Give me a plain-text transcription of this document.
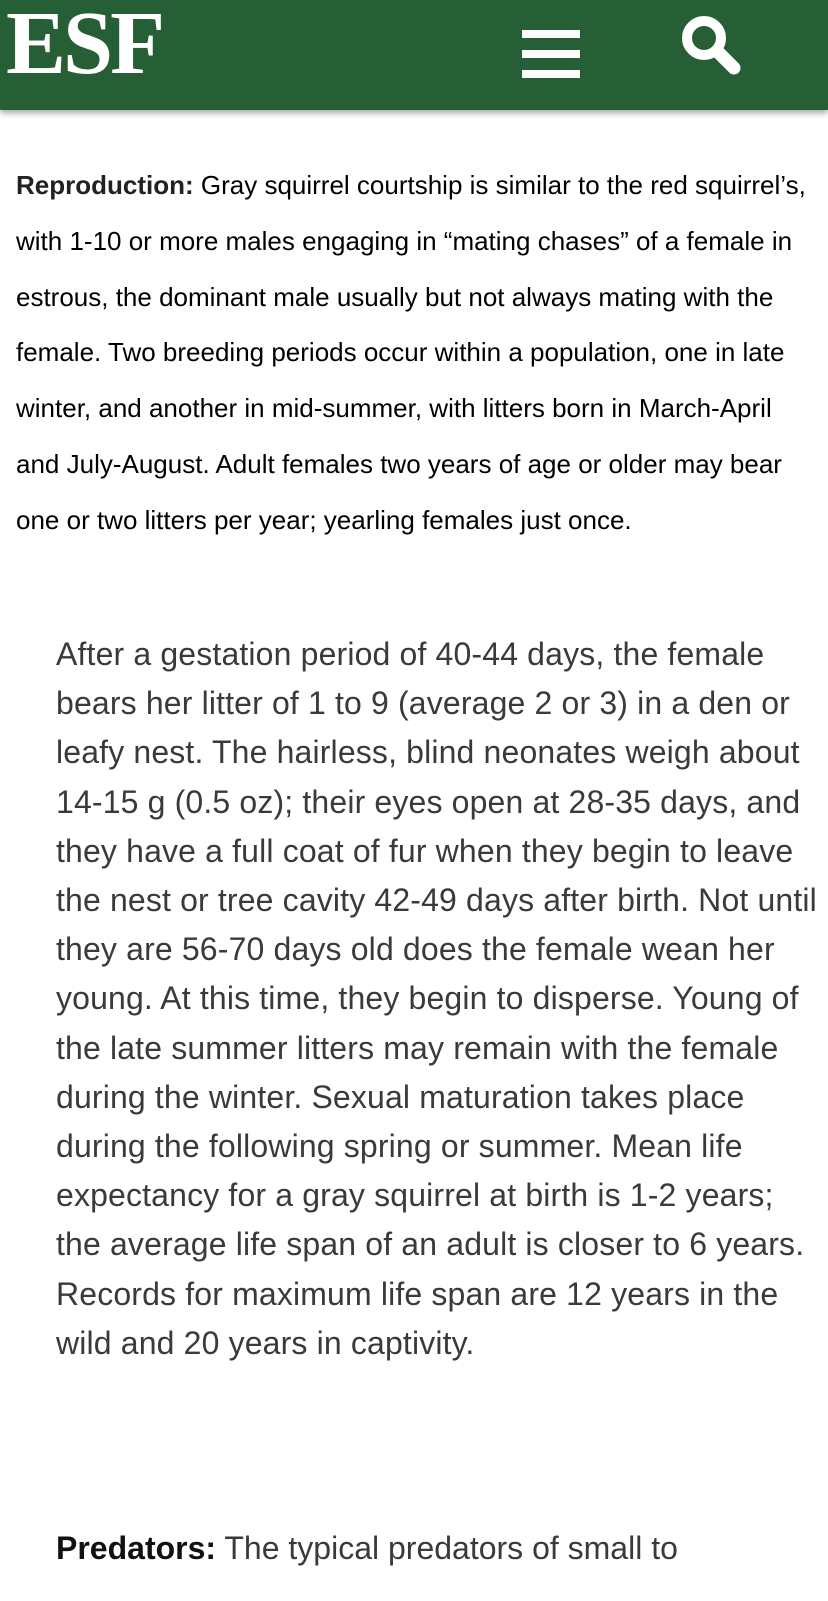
ESF

Reproduction: Gray squirrel courtship is similar to the red squirrel’s, with 1-10 or more males engaging in “mating chases” of a female in estrous, the dominant male usually but not always mating with the female. Two breeding periods occur within a population, one in late winter, and another in mid-summer, with litters born in March-April and July-August. Adult females two years of age or older may bear one or two litters per year; yearling females just once.

After a gestation period of 40-44 days, the female bears her litter of 1 to 9 (average 2 or 3) in a den or leafy nest. The hairless, blind neonates weigh about 14-15 g (0.5 oz); their eyes open at 28-35 days, and they have a full coat of fur when they begin to leave the nest or tree cavity 42-49 days after birth. Not until they are 56-70 days old does the female wean her young. At this time, they begin to disperse. Young of the late summer litters may remain with the female during the winter. Sexual maturation takes place during the following spring or summer. Mean life expectancy for a gray squirrel at birth is 1-2 years; the average life span of an adult is closer to 6 years. Records for maximum life span are 12 years in the wild and 20 years in captivity.

Predators: The typical predators of small to
